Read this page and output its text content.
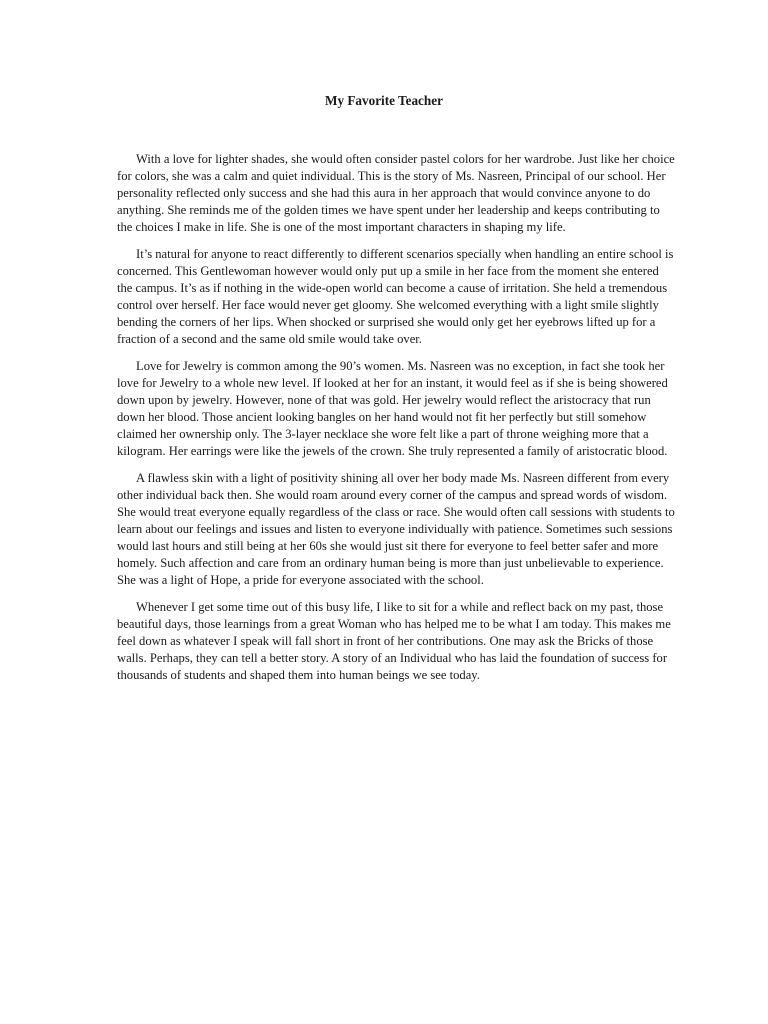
My Favorite Teacher

With a love for lighter shades, she would often consider pastel colors for her wardrobe. Just like her choice for colors, she was a calm and quiet individual. This is the story of Ms. Nasreen, Principal of our school. Her personality reflected only success and she had this aura in her approach that would convince anyone to do anything. She reminds me of the golden times we have spent under her leadership and keeps contributing to the choices I make in life. She is one of the most important characters in shaping my life.

It’s natural for anyone to react differently to different scenarios specially when handling an entire school is concerned. This Gentlewoman however would only put up a smile in her face from the moment she entered the campus. It’s as if nothing in the wide-open world can become a cause of irritation. She held a tremendous control over herself. Her face would never get gloomy. She welcomed everything with a light smile slightly bending the corners of her lips. When shocked or surprised she would only get her eyebrows lifted up for a fraction of a second and the same old smile would take over.

Love for Jewelry is common among the 90’s women. Ms. Nasreen was no exception, in fact she took her love for Jewelry to a whole new level. If looked at her for an instant, it would feel as if she is being showered down upon by jewelry. However, none of that was gold. Her jewelry would reflect the aristocracy that run down her blood. Those ancient looking bangles on her hand would not fit her perfectly but still somehow claimed her ownership only. The 3-layer necklace she wore felt like a part of throne weighing more that a kilogram. Her earrings were like the jewels of the crown. She truly represented a family of aristocratic blood.

A flawless skin with a light of positivity shining all over her body made Ms. Nasreen different from every other individual back then. She would roam around every corner of the campus and spread words of wisdom. She would treat everyone equally regardless of the class or race. She would often call sessions with students to learn about our feelings and issues and listen to everyone individually with patience. Sometimes such sessions would last hours and still being at her 60s she would just sit there for everyone to feel better safer and more homely. Such affection and care from an ordinary human being is more than just unbelievable to experience. She was a light of Hope, a pride for everyone associated with the school.

Whenever I get some time out of this busy life, I like to sit for a while and reflect back on my past, those beautiful days, those learnings from a great Woman who has helped me to be what I am today. This makes me feel down as whatever I speak will fall short in front of her contributions. One may ask the Bricks of those walls. Perhaps, they can tell a better story. A story of an Individual who has laid the foundation of success for thousands of students and shaped them into human beings we see today.
